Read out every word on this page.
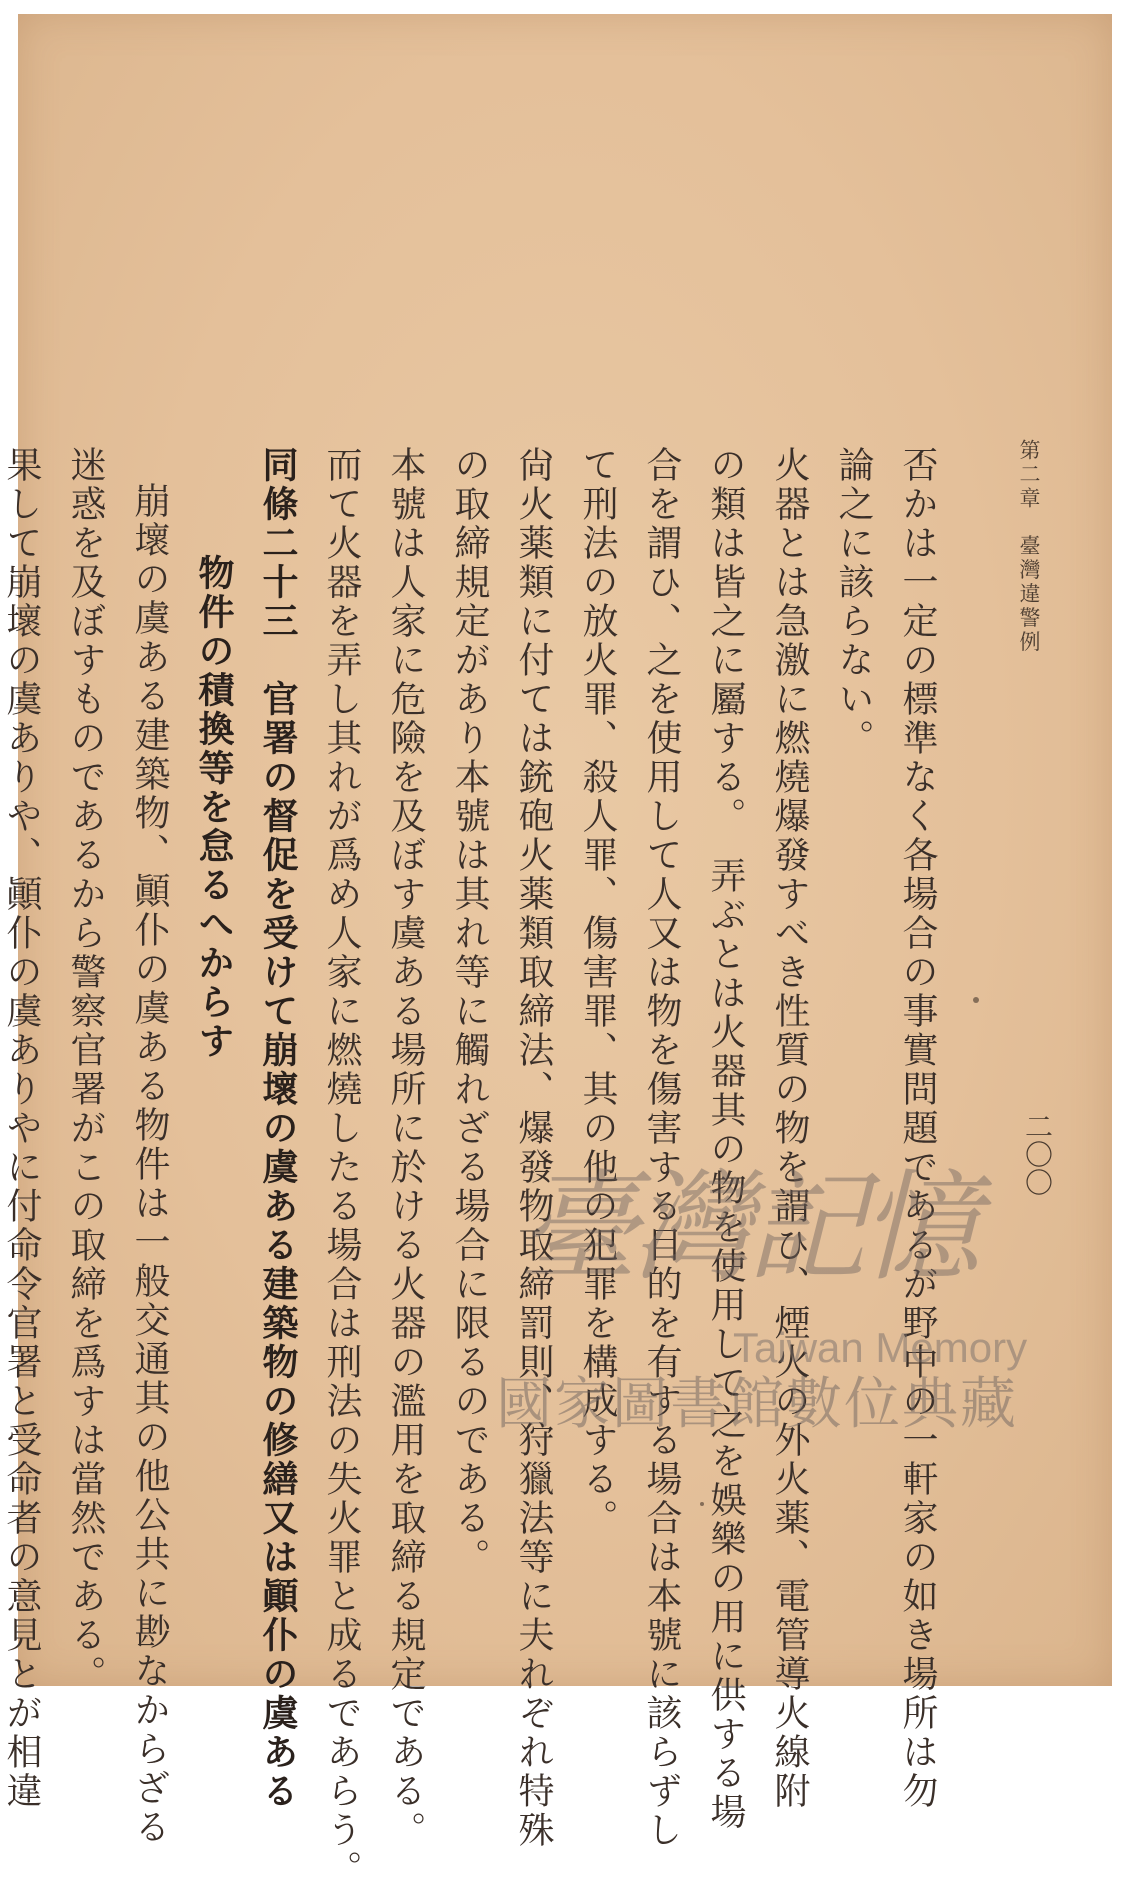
第二章 臺灣違警例
二〇〇
否かは一定の標準なく各場合の事實問題であるが野中の一軒家の如き場所は勿
論之に該らない。
火器とは急激に燃燒爆發すべき性質の物を謂ひ、煙火の外火薬、電管導火線附
の類は皆之に屬する。　弄ぶとは火器其の物を使用して之を娛樂の用に供する場
合を謂ひ、之を使用して人又は物を傷害する目的を有する場合は本號に該らずし
て刑法の放火罪、殺人罪、傷害罪、其の他の犯罪を構成する。
尙火薬類に付ては銃砲火薬類取締法、爆發物取締罰則、狩獵法等に夫れぞれ特殊
の取締規定があり本號は其れ等に觸れざる場合に限るのである。
本號は人家に危險を及ぼす虞ある場所に於ける火器の濫用を取締る規定である。
而て火器を弄し其れが爲め人家に燃燒したる場合は刑法の失火罪と成るであらう。
同條二十三　官署の督促を受けて崩壞の虞ある建築物の修繕又は顚仆の虞ある
物件の積換等を怠るへからす
崩壞の虞ある建築物、顚仆の虞ある物件は一般交通其の他公共に尠なからざる
迷惑を及ぼすものであるから警察官署がこの取締を爲すは當然である。
果して崩壞の虞ありや、顚仆の虞ありやに付命令官署と受命者の意見とが相違	臺灣記憶
Taiwan Memory
國家圖書館數位典藏
